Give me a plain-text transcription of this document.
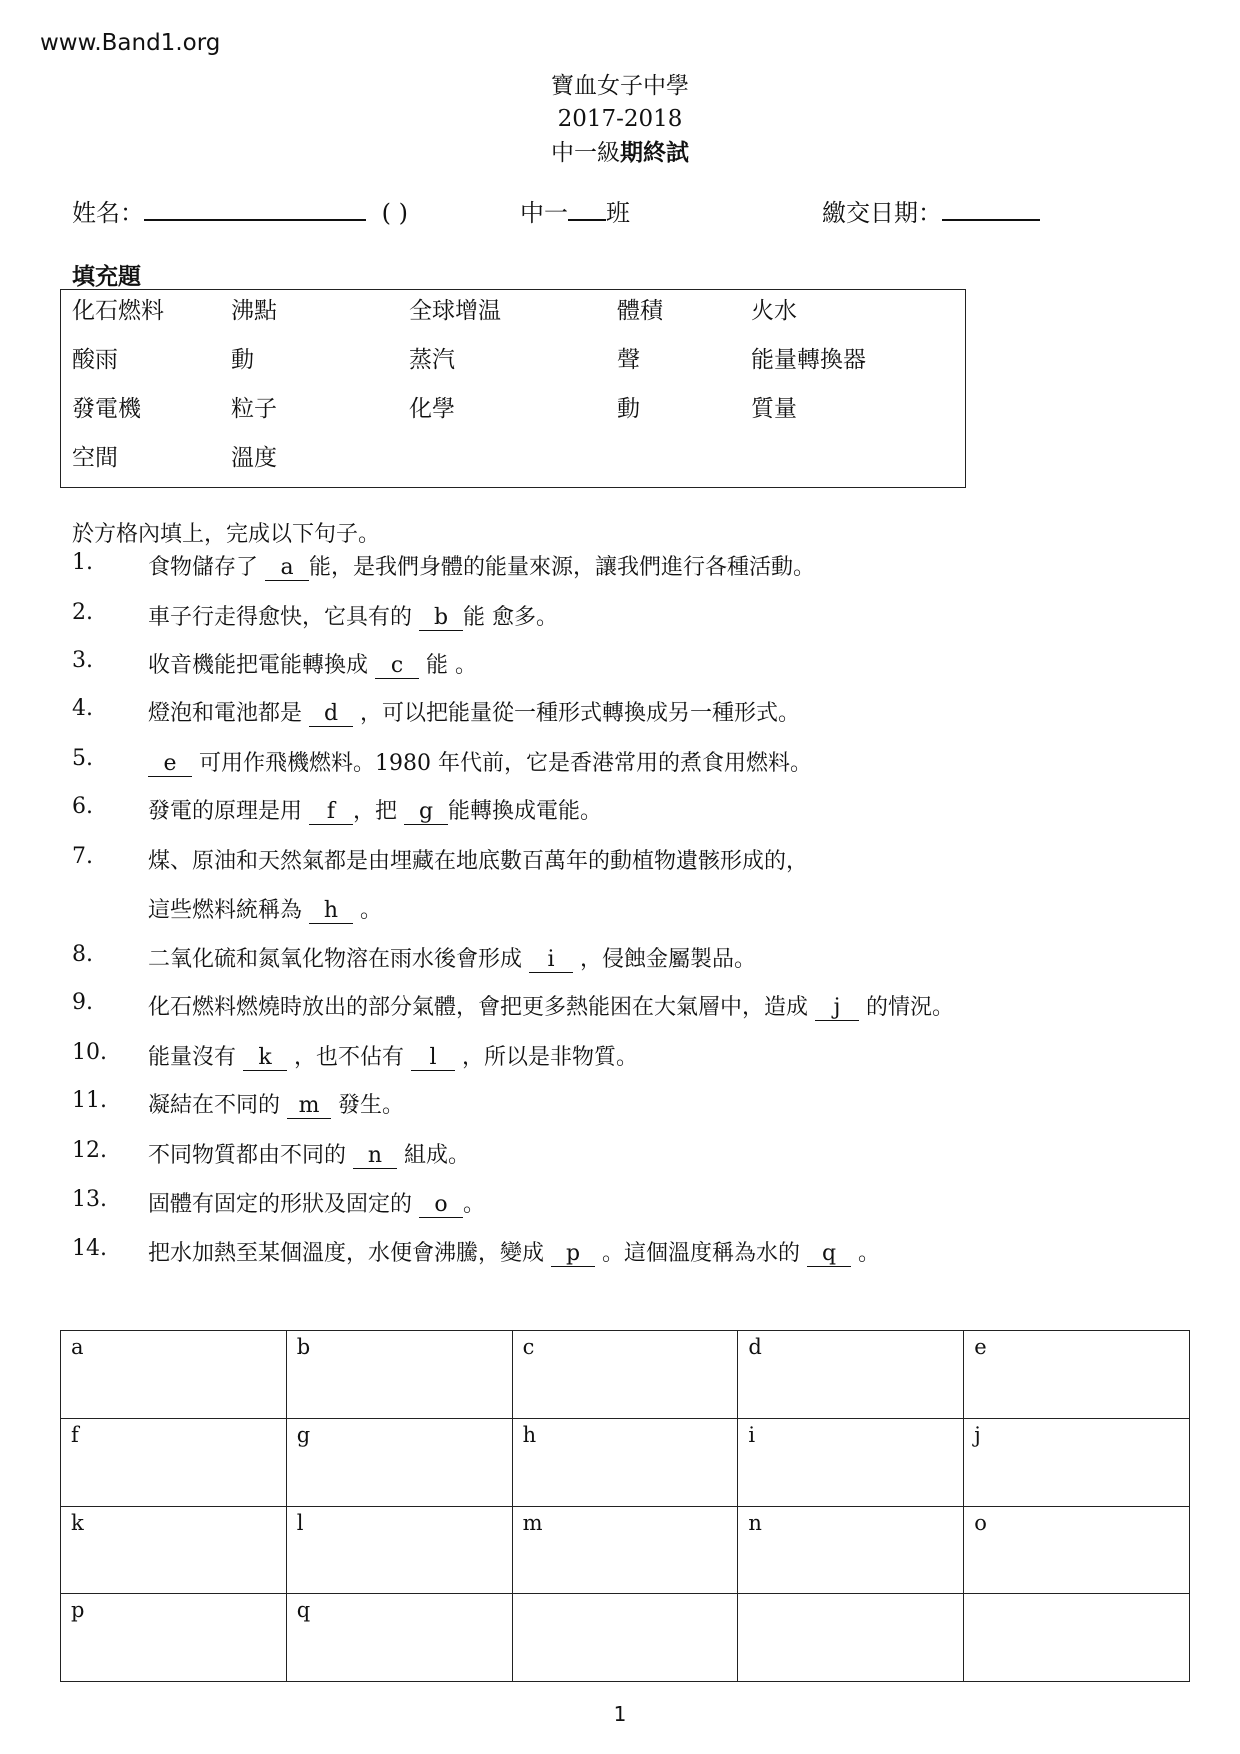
www.Band1.org
寶血女子中學
2017-2018
中一級期終試
姓名：	( )	中一 班	繳交日期：
填充題
化石燃料	沸點	全球增温	體積	火水
酸雨	動	蒸汽	聲	能量轉換器
發電機	粒子	化學	動	質量
空間	溫度
於方格內填上，完成以下句子。
1.	食物儲存了 a 能，是我們身體的能量來源，讓我們進行各種活動。
2.	車子行走得愈快，它具有的 b 能 愈多。
3.	收音機能把電能轉換成 c 能 。
4.	燈泡和電池都是 d ，可以把能量從一種形式轉換成另一種形式。
5.	e 可用作飛機燃料。1980 年代前，它是香港常用的煮食用燃料。
6.	發電的原理是用 f ，把 g 能轉換成電能。
7.	煤、原油和天然氣都是由埋藏在地底數百萬年的動植物遺骸形成的，
這些燃料統稱為 h 。
8.	二氧化硫和氮氧化物溶在雨水後會形成 i ，侵蝕金屬製品。
9.	化石燃料燃燒時放出的部分氣體，會把更多熱能困在大氣層中，造成 j 的情況。
10. 能量沒有 k ，也不佔有 l ，所以是非物質。
11. 凝結在不同的 m 發生。
12. 不同物質都由不同的 n 組成。
13. 固體有固定的形狀及固定的 o 。
14. 把水加熱至某個溫度，水便會沸騰，變成 p 。這個溫度稱為水的 q 。
a	b	c	d	e
f	g	h	i	j
k	l	m	n	o
p	q			
1
